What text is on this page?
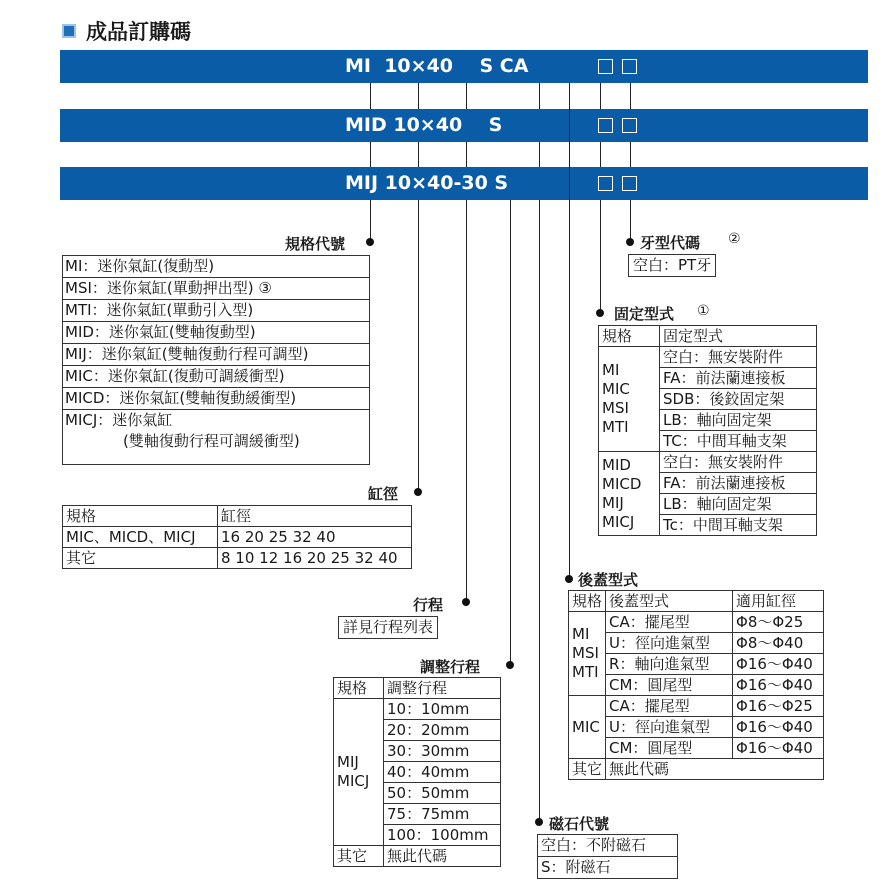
成品訂購碼
MI  10×40    S CA
MID 10×40    S
MIJ 10×40-30 S
規格代號
MI：迷你氣缸(復動型)
MSI：迷你氣缸(單動押出型) ③
MTI：迷你氣缸(單動引入型)
MID：迷你氣缸(雙軸復動型)
MIJ：迷你氣缸(雙軸復動行程可調型)
MIC：迷你氣缸(復動可調緩衝型)
MICD：迷你氣缸(雙軸復動緩衝型)
MICJ：迷你氣缸
(雙軸復動行程可調緩衝型)
缸徑
規格	缸徑
MIC、MICD、MICJ	16 20 25 32 40
其它	8 10 12 16 20 25 32 40
行程
詳見行程列表
調整行程
規格	調整行程
MIJ
MICJ	10：10mm
	20：20mm
	30：30mm
	40：40mm
	50：50mm
	75：75mm
	100：100mm
其它	無此代碼
磁石代號
空白：不附磁石
S：附磁石
後蓋型式
規格	後蓋型式	適用缸徑
MI
MSI
MTI	CA：擺尾型	Φ8～Φ25
	U：徑向進氣型	Φ8～Φ40
	R：軸向進氣型	Φ16～Φ40
	CM：圓尾型	Φ16～Φ40
MIC	CA：擺尾型	Φ16～Φ25
	U：徑向進氣型	Φ16～Φ40
	CM：圓尾型	Φ16～Φ40
其它	無此代碼	
固定型式 ①
規格	固定型式
MI
MIC
MSI
MTI	空白：無安裝附件
	FA：前法蘭連接板
	SDB：後鉸固定架
	LB：軸向固定架
	TC：中間耳軸支架
MID
MICD
MIJ
MICJ	空白：無安裝附件
	FA：前法蘭連接板
	LB：軸向固定架
	Tc：中間耳軸支架
牙型代碼 ②
空白：PT牙
